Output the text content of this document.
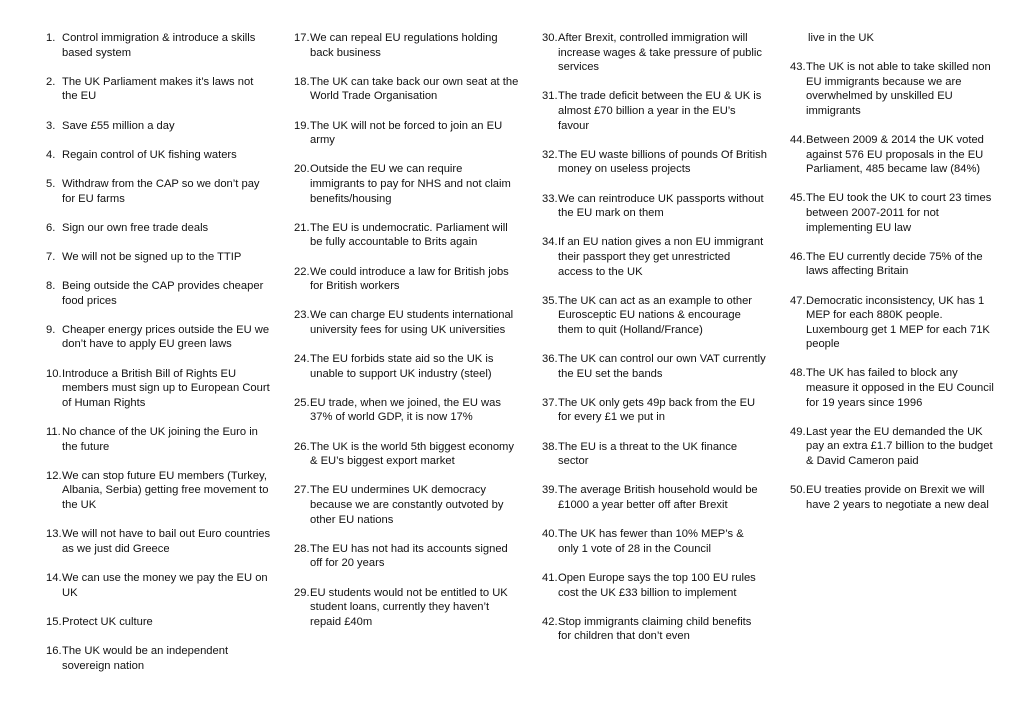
1. Control immigration & introduce a skills based system
2. The UK Parliament makes it’s laws not the EU
3. Save £55 million a day
4. Regain control of UK fishing waters
5. Withdraw from the CAP so we don’t pay for EU farms
6. Sign our own free trade deals
7. We will not be signed up to the TTIP
8. Being outside the CAP provides cheaper food prices
9. Cheaper energy prices outside the EU we don’t have to apply EU green laws
10. Introduce a British Bill of Rights EU members must sign up to European Court of Human Rights
11. No chance of the UK joining the Euro in the future
12. We can stop future EU members (Turkey, Albania, Serbia) getting free movement to the UK
13. We will not have to bail out Euro countries as we just did Greece
14. We can use the money we pay the EU on UK
15. Protect UK culture
16. The UK would be an independent sovereign nation
17. We can repeal EU regulations holding back business
18. The UK can take back our own seat at the World Trade Organisation
19. The UK will not be forced to join an EU army
20. Outside the EU we can require immigrants to pay for NHS and not claim benefits/housing
21. The EU is undemocratic. Parliament will be fully accountable to Brits again
22. We could introduce a law for British jobs for British workers
23. We can charge EU students international university fees for using UK universities
24. The EU forbids state aid so the UK is unable to support UK industry (steel)
25. EU trade, when we joined, the EU was 37% of world GDP, it is now 17%
26. The UK is the world 5th biggest economy & EU’s biggest export market
27. The EU undermines UK democracy because we are constantly outvoted by other EU nations
28. The EU has not had its accounts signed off for 20 years
29. EU students would not be entitled to UK student loans, currently they haven’t repaid £40m
30. After Brexit, controlled immigration will increase wages & take pressure of public services
31. The trade deficit between the EU & UK is almost £70 billion a year in the EU’s favour
32. The EU waste billions of pounds Of British money on useless projects
33. We can reintroduce UK passports without the EU mark on them
34. If an EU nation gives a non EU immigrant their passport they get unrestricted access to the UK
35. The UK can act as an example to other Eurosceptic EU nations & encourage them to quit (Holland/France)
36. The UK can control our own VAT currently the EU set the bands
37. The UK only gets 49p back from the EU for every £1 we put in
38. The EU is a threat to the UK finance sector
39. The average British household would be £1000 a year better off after Brexit
40. The UK has fewer than 10% MEP’s & only 1 vote of 28 in the Council
41. Open Europe says the top 100 EU rules cost the UK £33 billion to implement
42. Stop immigrants claiming child benefits for children that don’t even
live in the UK
43. The UK is not able to take skilled non EU immigrants because we are overwhelmed by unskilled EU immigrants
44. Between 2009 & 2014 the UK voted against 576 EU proposals in the EU Parliament, 485 became law (84%)
45. The EU took the UK to court 23 times between 2007-2011 for not implementing EU law
46. The EU currently decide 75% of the laws affecting Britain
47. Democratic inconsistency, UK has 1 MEP for each 880K people. Luxembourg get 1 MEP for each 71K people
48. The UK has failed to block any measure it opposed in the EU Council for 19 years since 1996
49. Last year the EU demanded the UK pay an extra £1.7 billion to the budget & David Cameron paid
50. EU treaties provide on Brexit we will have 2 years to negotiate a new deal
